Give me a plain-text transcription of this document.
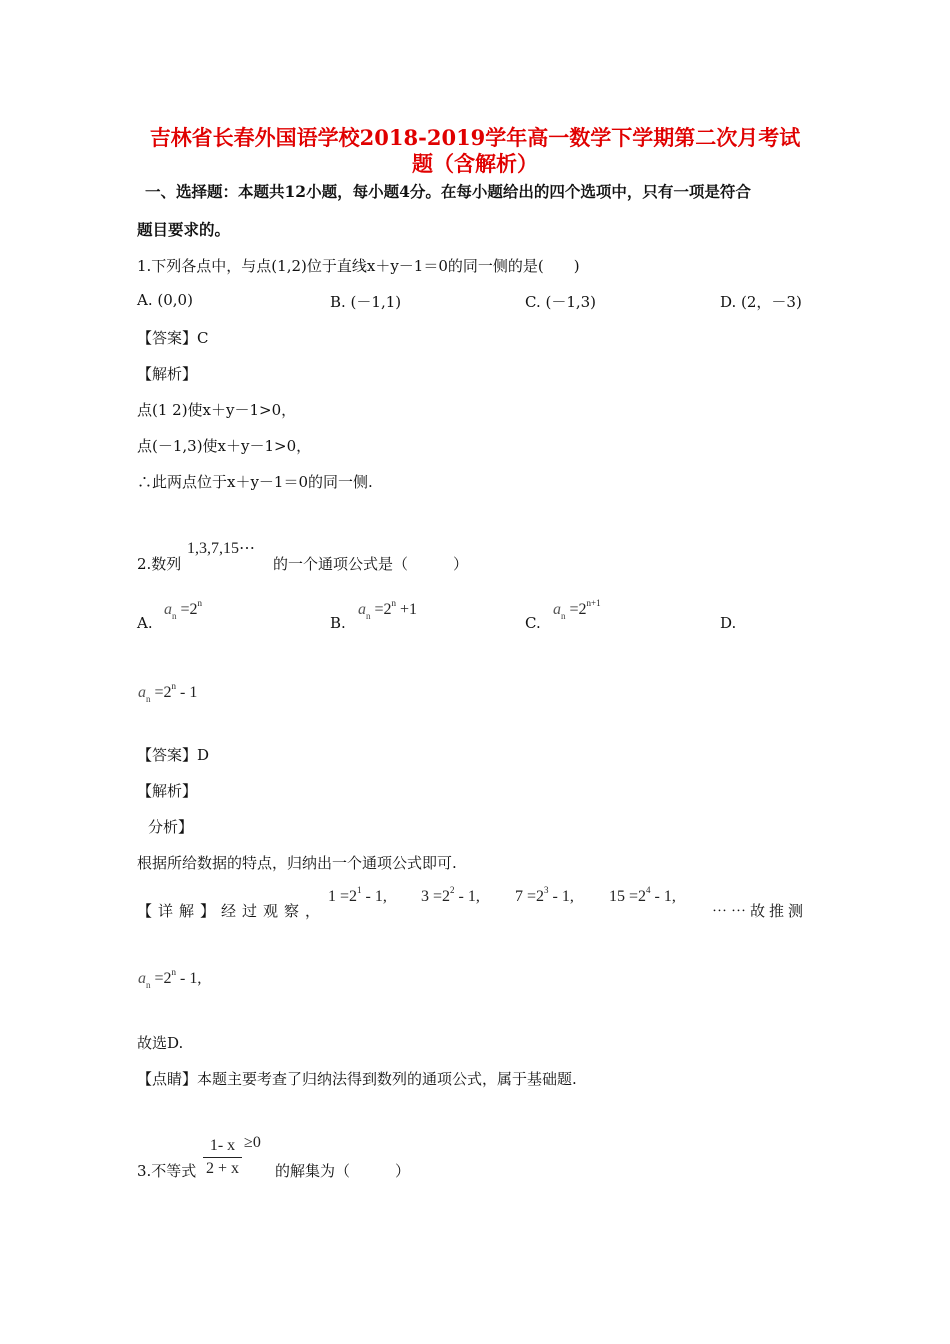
吉林省长春外国语学校2018-2019学年高一数学下学期第二次月考试
题（含解析）
一、选择题：本题共12小题，每小题4分。在每小题给出的四个选项中，只有一项是符合
题目要求的。
1.下列各点中，与点(1,2)位于直线x＋y－1＝0的同一侧的是(　　)
A. (0,0)	B. (－1,1)	C. (－1,3)	D. (2，－3)
【答案】C
【解析】
点(1 2)使x＋y－1>0，
点(－1,3)使x＋y－1>0，
∴此两点位于x＋y－1＝0的同一侧.
2.数列
1,3,7,15⋯
的一个通项公式是（　　　）
A.
$a_n =2^n$
B.
$a_n =2^n +1$
C.
$a_n =2^{n+1}$
D.
$a_n =2^n - 1$
【答案】D
【解析】
分析】
根据所给数据的特点，归纳出一个通项公式即可.
【详解】经过观察，
$1 =2^1 - 1$, $3 =2^2 - 1$, $7 =2^3 - 1$, $15 =2^4 - 1$,
⋯⋯故推测
$a_n =2^n - 1$,
故选D.
【点睛】本题主要考查了归纳法得到数列的通项公式，属于基础题.
3.不等式 $\frac{1- x}{2 + x} \ge 0$
的解集为（　　　）
